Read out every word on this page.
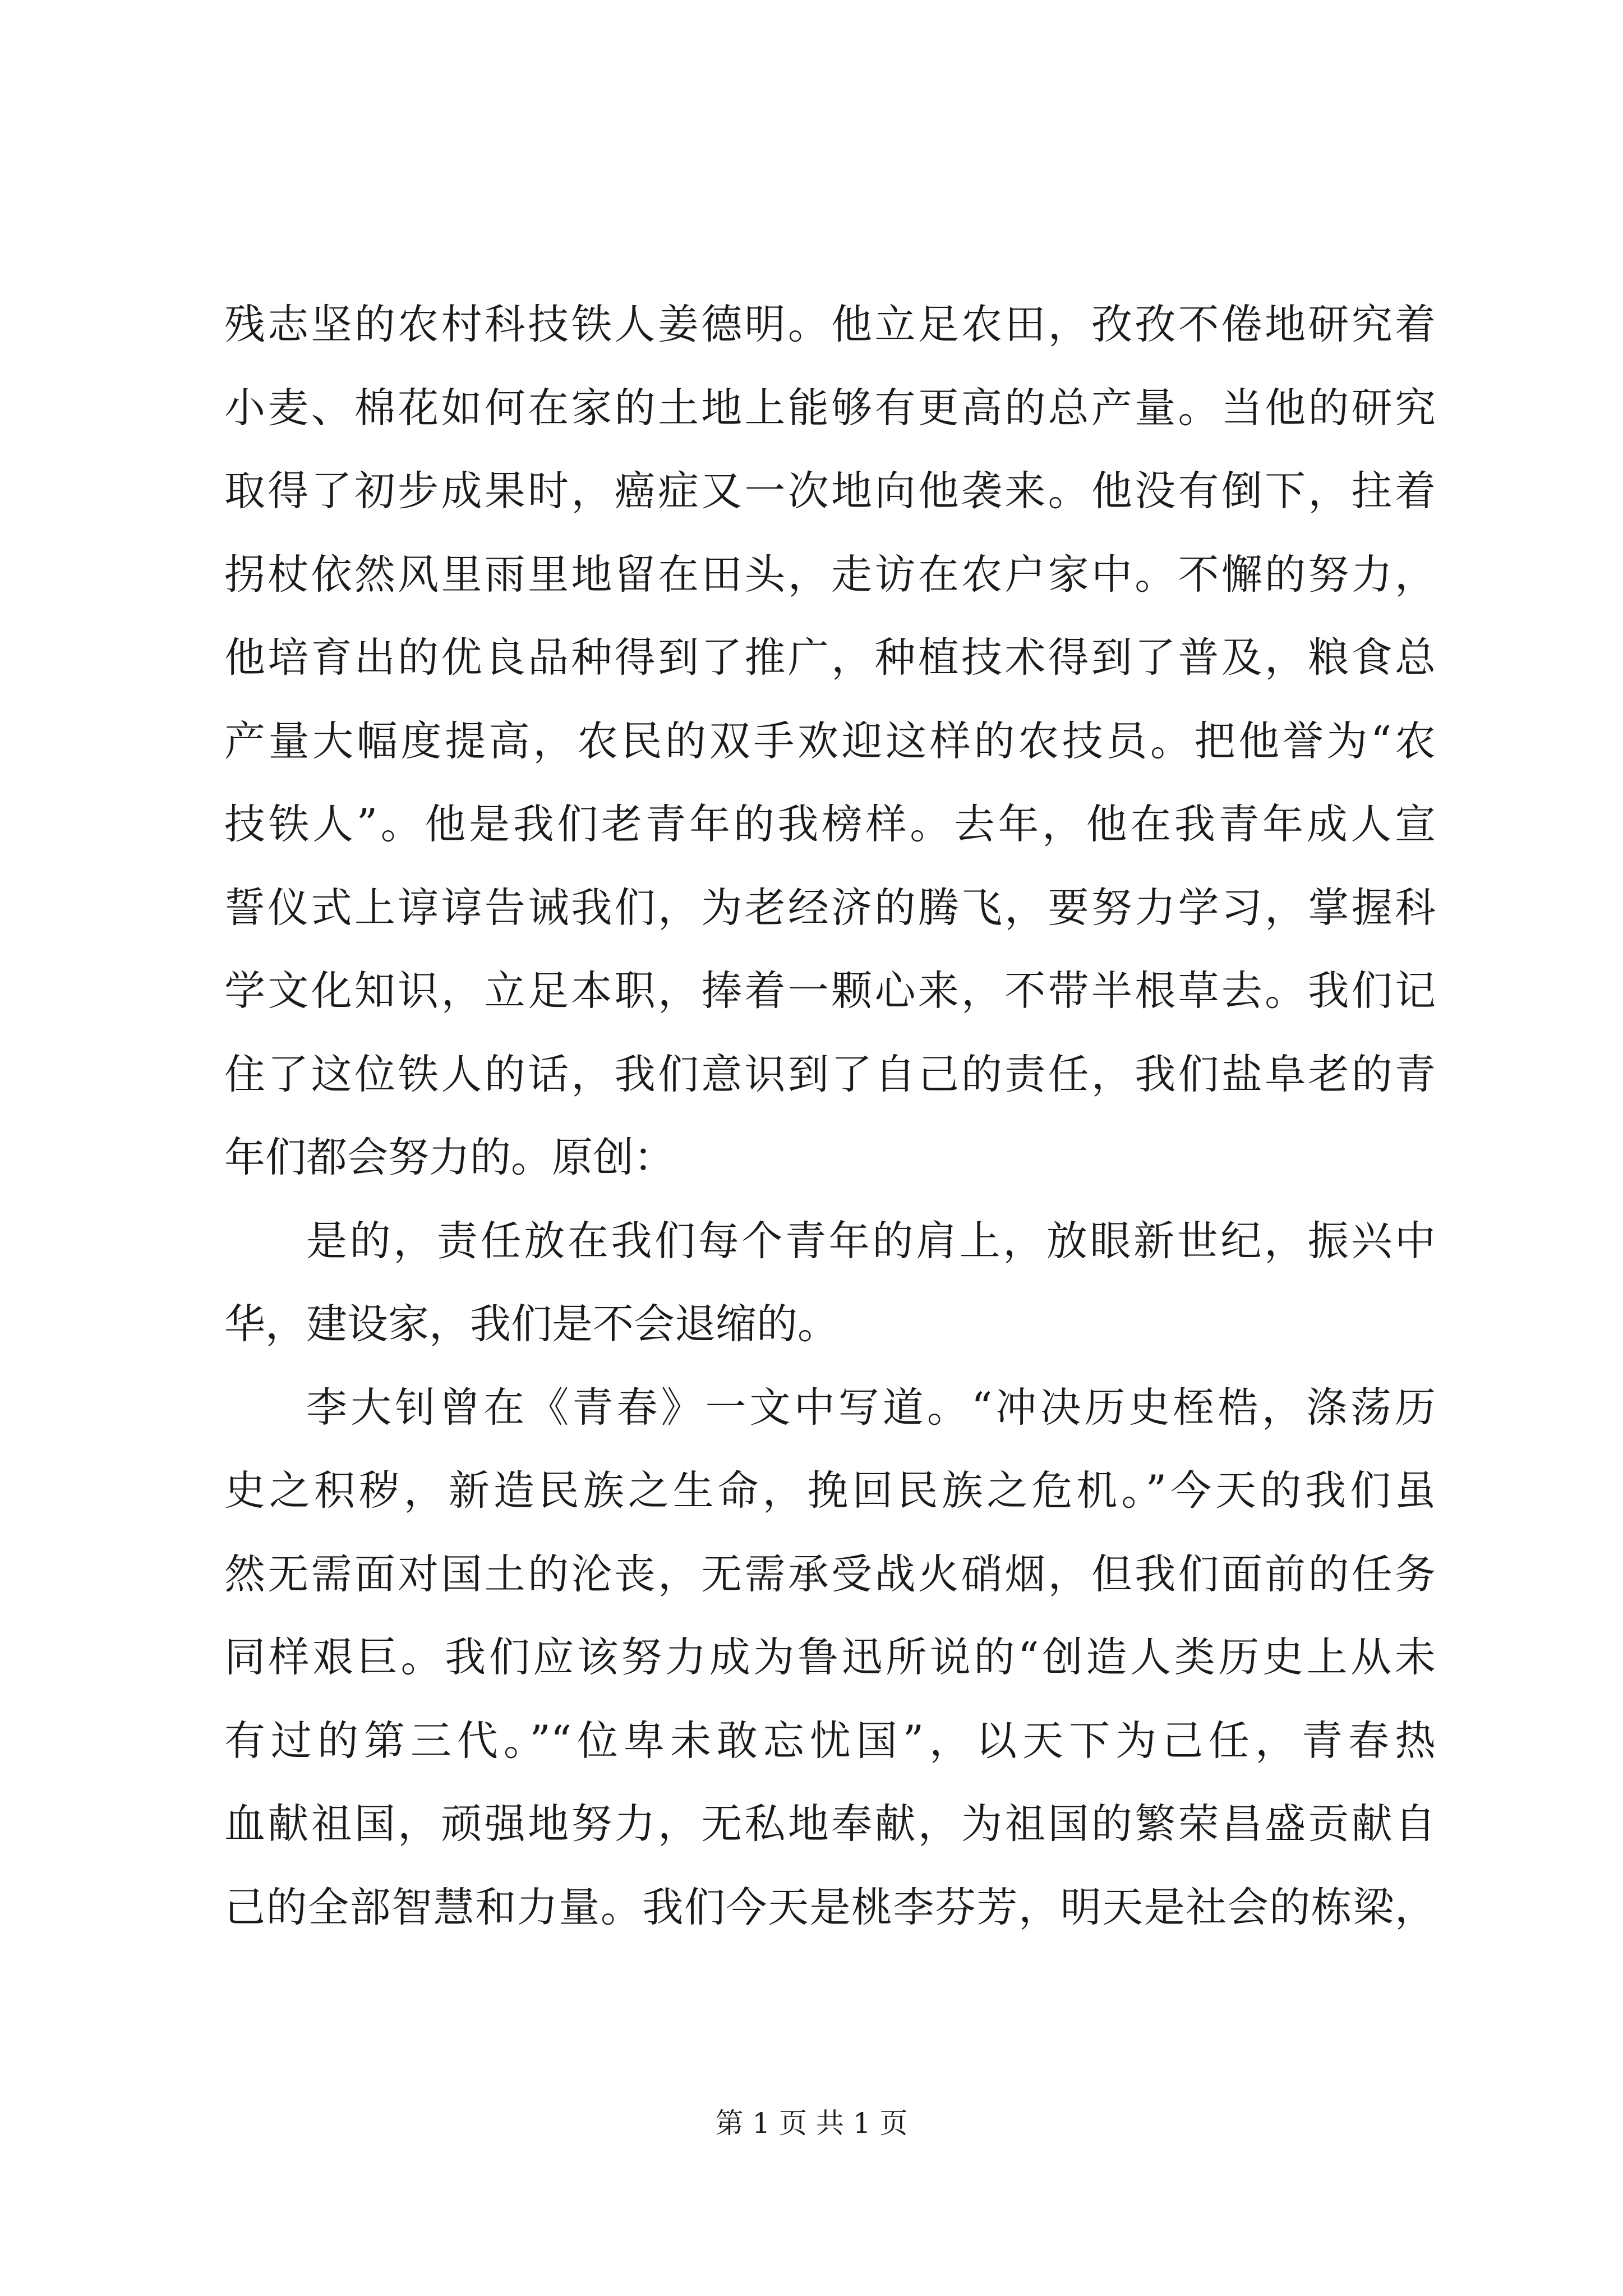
残志坚的农村科技铁人姜德明。他立足农田，孜孜不倦地研究着
小麦、棉花如何在家的土地上能够有更高的总产量。当他的研究
取得了初步成果时，癌症又一次地向他袭来。他没有倒下，拄着
拐杖依然风里雨里地留在田头，走访在农户家中。不懈的努力，
他培育出的优良品种得到了推广，种植技术得到了普及，粮食总
产量大幅度提高，农民的双手欢迎这样的农技员。把他誉为“农
技铁人”。他是我们老青年的我榜样。去年，他在我青年成人宣
誓仪式上谆谆告诫我们，为老经济的腾飞，要努力学习，掌握科
学文化知识，立足本职，捧着一颗心来，不带半根草去。我们记
住了这位铁人的话，我们意识到了自己的责任，我们盐阜老的青
年们都会努力的。原创：
是的，责任放在我们每个青年的肩上，放眼新世纪，振兴中
华，建设家，我们是不会退缩的。
李大钊曾在《青春》一文中写道。“冲决历史桎梏，涤荡历
史之积秽，新造民族之生命，挽回民族之危机。”今天的我们虽
然无需面对国土的沦丧，无需承受战火硝烟，但我们面前的任务
同样艰巨。我们应该努力成为鲁迅所说的“创造人类历史上从未
有过的第三代。”“位卑未敢忘忧国”，以天下为己任，青春热
血献祖国，顽强地努力，无私地奉献，为祖国的繁荣昌盛贡献自
己的全部智慧和力量。我们今天是桃李芬芳，明天是社会的栋梁，
第 1 页 共 1 页
